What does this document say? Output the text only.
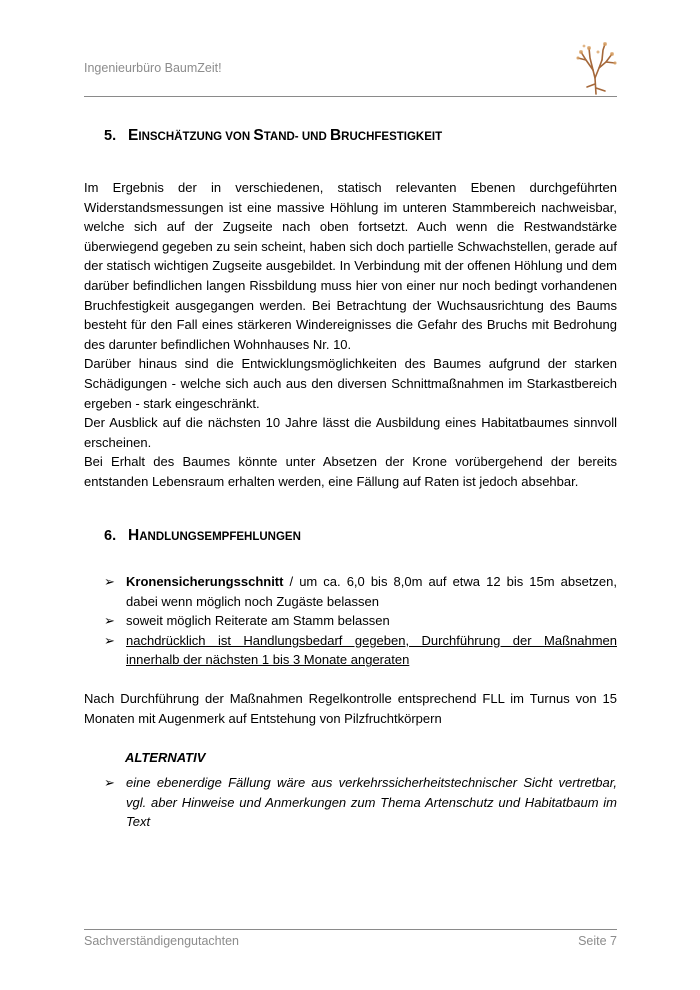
Ingenieurbüro BaumZeit!
5. EINSCHÄTZUNG VON STAND- UND BRUCHFESTIGKEIT

Im Ergebnis der in verschiedenen, statisch relevanten Ebenen durchgeführten Widerstandsmessungen ist eine massive Höhlung im unteren Stammbereich nachweisbar, welche sich auf der Zugseite nach oben fortsetzt. Auch wenn die Restwandstärke überwiegend gegeben zu sein scheint, haben sich doch partielle Schwachstellen, gerade auf der statisch wichtigen Zugseite ausgebildet. In Verbindung mit der offenen Höhlung und dem darüber befindlichen langen Rissbildung muss hier von einer nur noch bedingt vorhandenen Bruchfestigkeit ausgegangen werden. Bei Betrachtung der Wuchsausrichtung des Baums besteht für den Fall eines stärkeren Windereignisses die Gefahr des Bruchs mit Bedrohung des darunter befindlichen Wohnhauses Nr. 10.

Darüber hinaus sind die Entwicklungsmöglichkeiten des Baumes aufgrund der starken Schädigungen - welche sich auch aus den diversen Schnittmaßnahmen im Starkastbereich ergeben - stark eingeschränkt.

Der Ausblick auf die nächsten 10 Jahre lässt die Ausbildung eines Habitatbaumes sinnvoll erscheinen.

Bei Erhalt des Baumes könnte unter Absetzen der Krone vorübergehend der bereits entstanden Lebensraum erhalten werden, eine Fällung auf Raten ist jedoch absehbar.

6. HANDLUNGSEMPFEHLUNGEN
➢ Kronensicherungsschnitt / um ca. 6,0 bis 8,0m auf etwa 12 bis 15m absetzen, dabei wenn möglich noch Zugäste belassen
➢ soweit möglich Reiterate am Stamm belassen
➢ nachdrücklich ist Handlungsbedarf gegeben, Durchführung der Maßnahmen innerhalb der nächsten 1 bis 3 Monate angeraten

Nach Durchführung der Maßnahmen Regelkontrolle entsprechend FLL im Turnus von 15 Monaten mit Augenmerk auf Entstehung von Pilzfruchtkörpern

ALTERNATIV
➢ eine ebenerdige Fällung wäre aus verkehrssicherheitstechnischer Sicht vertretbar, vgl. aber Hinweise und Anmerkungen zum Thema Artenschutz und Habitatbaum im Text
Sachverständigengutachten	Seite 7
